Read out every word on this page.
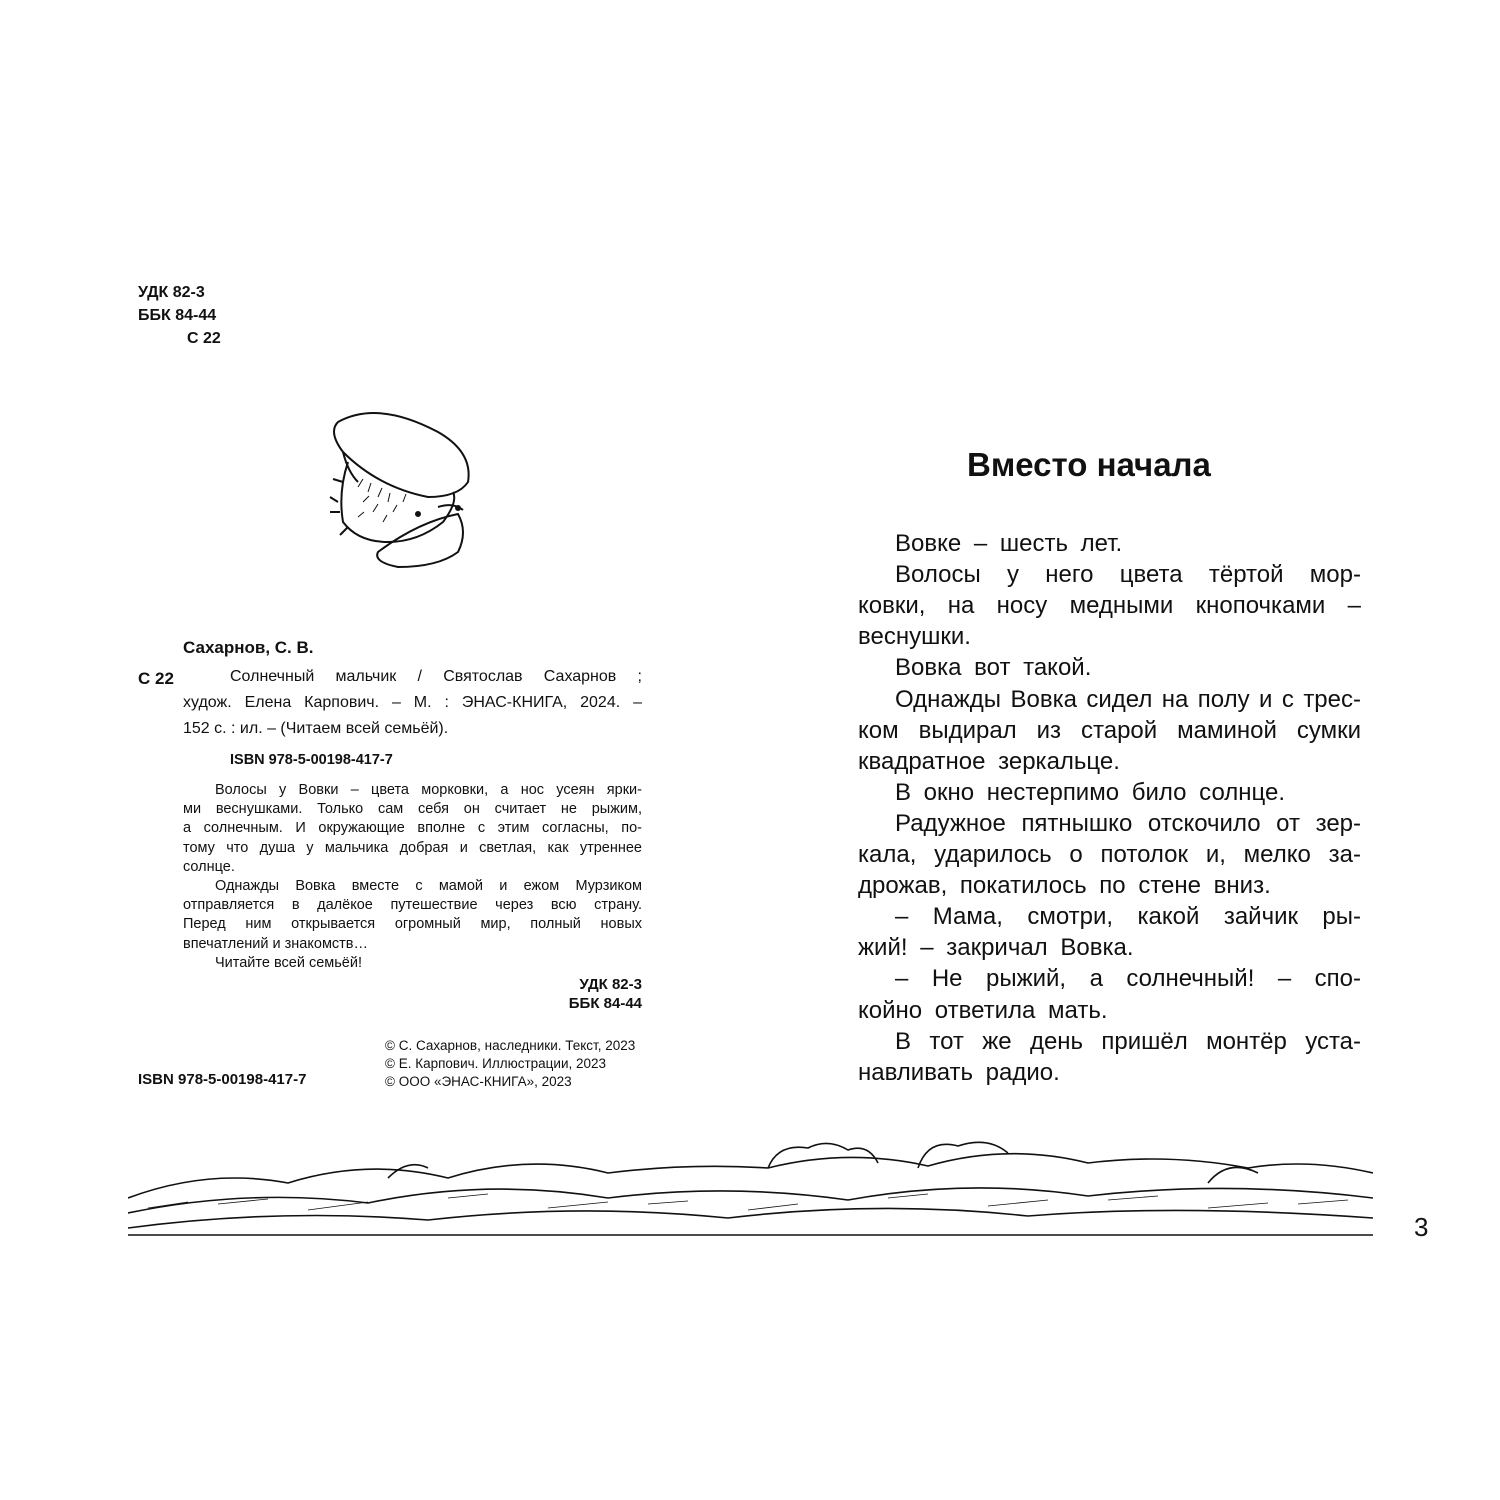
УДК 82-3
ББК 84-44
С 22
Сахарнов, С. В.
С 22	Солнечный мальчик / Святослав Сахарнов ;
худож. Елена Карпович. – М. : ЭНАС-КНИГА, 2024. –
152 с. : ил. – (Читаем всей семьёй).
ISBN 978-5-00198-417-7
Волосы у Вовки – цвета морковки, а нос усеян ярки-
ми веснушками. Только сам себя он считает не рыжим,
а солнечным. И окружающие вполне с этим согласны, по-
тому что душа у мальчика добрая и светлая, как утреннее
солнце.
Однажды Вовка вместе с мамой и ежом Мурзиком
отправляется в далёкое путешествие через всю страну.
Перед ним открывается огромный мир, полный новых
впечатлений и знакомств…
Читайте всей семьёй!
УДК 82-3
ББК 84-44
© С. Сахарнов, наследники. Текст, 2023
© Е. Карпович. Иллюстрации, 2023
© ООО «ЭНАС-КНИГА», 2023
ISBN 978-5-00198-417-7
Вместо начала
Вовке – шесть лет.
Волосы у него цвета тёртой мор-
ковки, на носу медными кнопочками –
веснушки.
Вовка вот такой.
Однажды Вовка сидел на полу и с трес-
ком выдирал из старой маминой сумки
квадратное зеркальце.
В окно нестерпимо било солнце.
Радужное пятнышко отскочило от зер-
кала, ударилось о потолок и, мелко за-
дрожав, покатилось по стене вниз.
– Мама, смотри, какой зайчик ры-
жий! – закричал Вовка.
– Не рыжий, а солнечный! – спо-
койно ответила мать.
В тот же день пришёл монтёр уста-
навливать радио.
3
